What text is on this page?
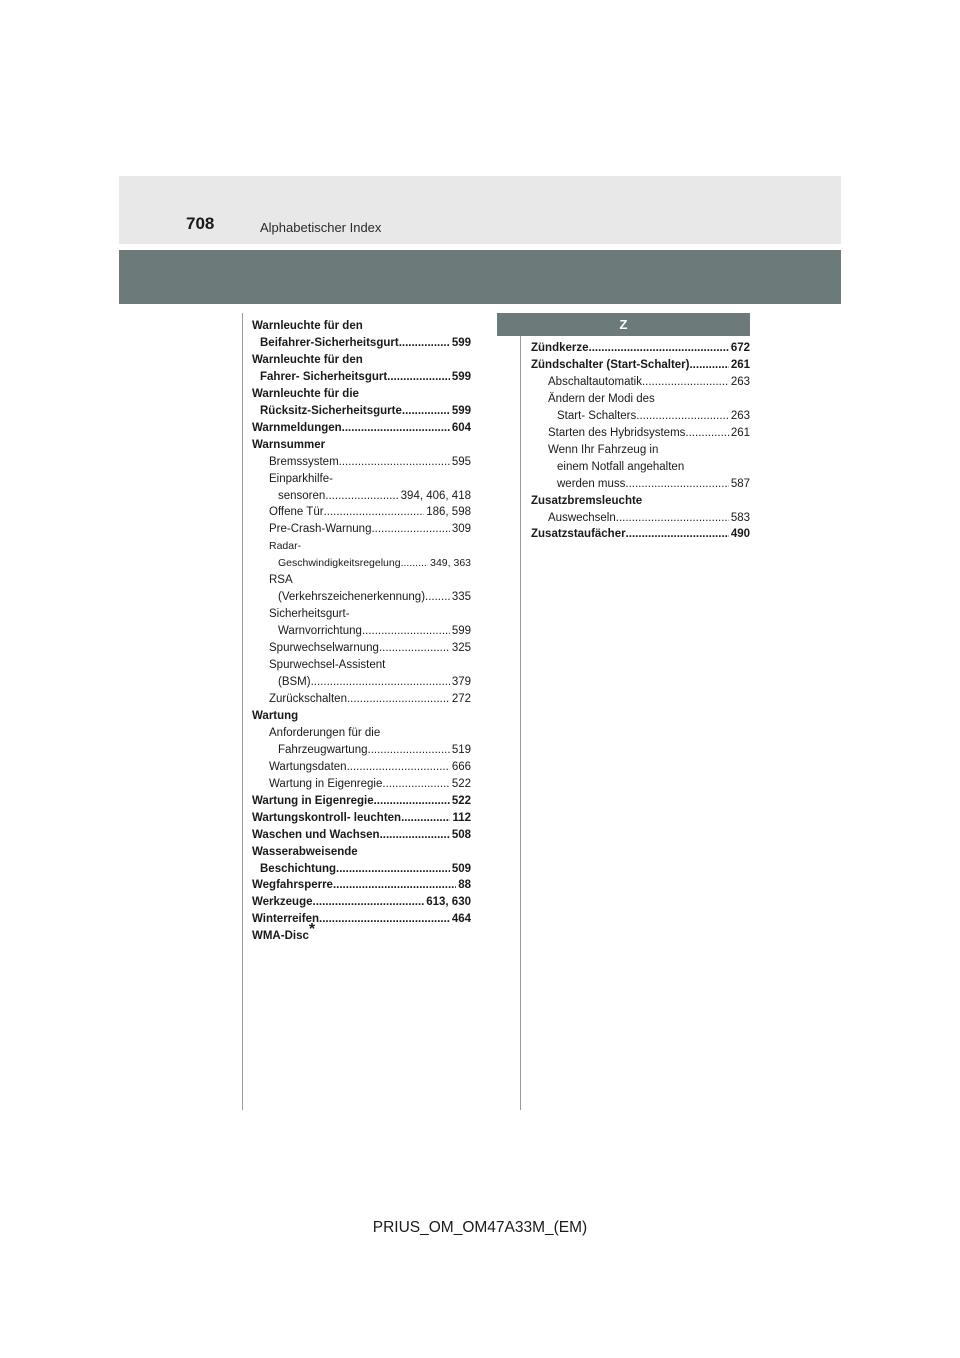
708	Alphabetischer Index
Warnleuchte für den
Beifahrer-Sicherheitsgurt .....	599
Warnleuchte für den
Fahrer- Sicherheitsgurt .....	599
Warnleuchte für die
Rücksitz-Sicherheitsgurte .....	599
Warnmeldungen .....	604
Warnsummer
Bremssystem .....	595
Einparkhilfe-
sensoren .....	394, 406, 418
Offene Tür .....	186, 598
Pre-Crash-Warnung .....	309
Radar-
Geschwindigkeitsregelung .....	349, 363
RSA
(Verkehrszeichenerkennung) ..... 335
Sicherheitsgurt-
Warnvorrichtung .....	599
Spurwechselwarnung .....	325
Spurwechsel-Assistent
(BSM) .....	379
Zurückschalten .....	272
Wartung
Anforderungen für die
Fahrzeugwartung .....	519
Wartungsdaten .....	666
Wartung in Eigenregie .....	522
Wartung in Eigenregie .....	522
Wartungskontroll- leuchten .....	112
Waschen und Wachsen .....	508
Wasserabweisende
Beschichtung .....	509
Wegfahrsperre .....	88
Werkzeuge .....	613, 630
Winterreifen .....	464
WMA-Disc*
Z
Zündkerze .....	672
Zündschalter (Start-Schalter) .....	261
Abschaltautomatik .....	263
Ändern der Modi des
Start- Schalters .....	263
Starten des Hybridsystems .....	261
Wenn Ihr Fahrzeug in
einem Notfall angehalten
werden muss .....	587
Zusatzbremsleuchte
Auswechseln .....	583
Zusatzstaufächer .....	490
PRIUS_OM_OM47A33M_(EM)
